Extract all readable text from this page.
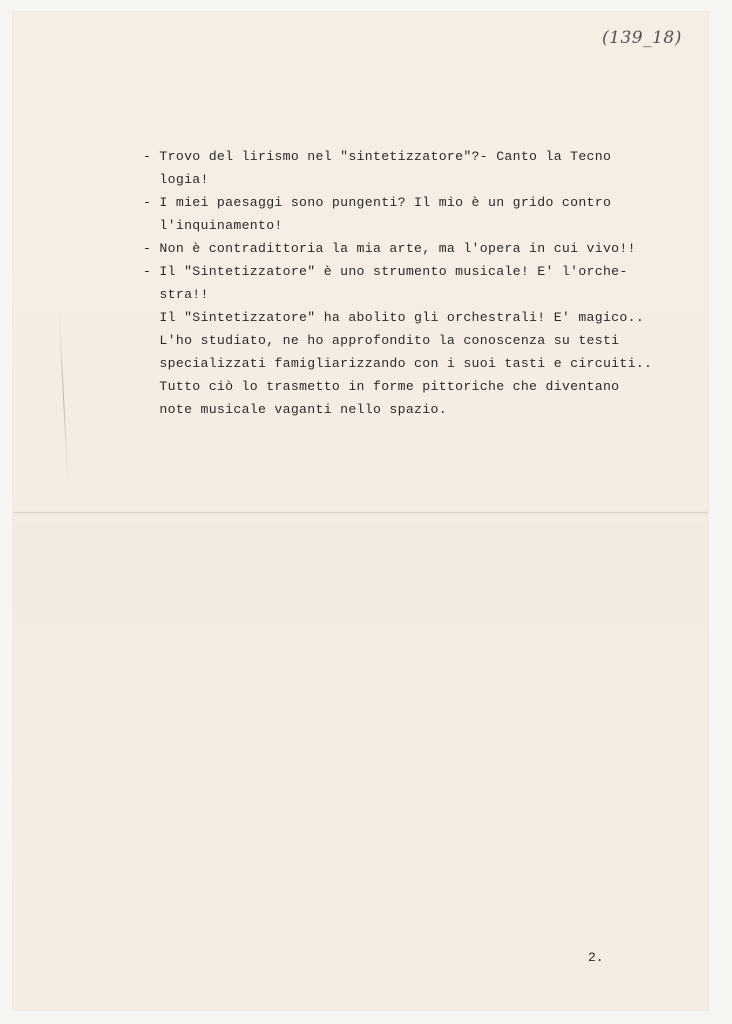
(139_18)
- Trovo del lirismo nel "sintetizzatore"?- Canto la Tecno
logia!
- I miei paesaggi sono pungenti? Il mio è un grido contro
l'inquinamento!
- Non è contradittoria la mia arte, ma l'opera in cui vivo!!
- Il "Sintetizzatore" è uno strumento musicale! E' l'orche-
stra!!
Il "Sintetizzatore" ha abolito gli orchestrali! E' magico..
L'ho studiato, ne ho approfondito la conoscenza su testi
specializzati famigliarizzando con i suoi tasti e circuiti..
Tutto ciò lo trasmetto in forme pittoriche che diventano
note musicale vaganti nello spazio.
2.
